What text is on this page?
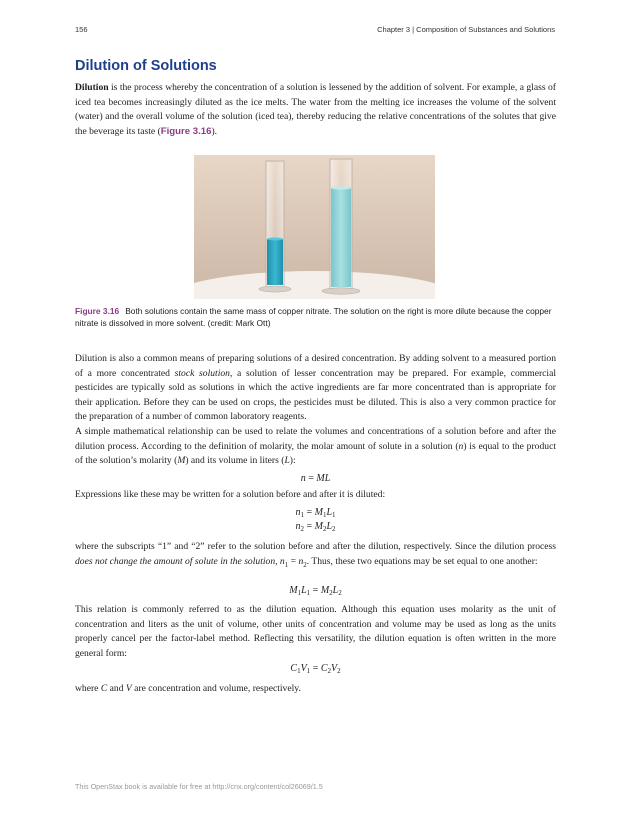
156	Chapter 3 | Composition of Substances and Solutions
Dilution of Solutions

Dilution is the process whereby the concentration of a solution is lessened by the addition of solvent. For example, a glass of iced tea becomes increasingly diluted as the ice melts. The water from the melting ice increases the volume of the solvent (water) and the overall volume of the solution (iced tea), thereby reducing the relative concentrations of the solutes that give the beverage its taste (Figure 3.16).

Figure 3.16 Both solutions contain the same mass of copper nitrate. The solution on the right is more dilute because the copper nitrate is dissolved in more solvent. (credit: Mark Ott)

Dilution is also a common means of preparing solutions of a desired concentration. By adding solvent to a measured portion of a more concentrated stock solution, a solution of lesser concentration may be prepared. For example, commercial pesticides are typically sold as solutions in which the active ingredients are far more concentrated than is appropriate for their application. Before they can be used on crops, the pesticides must be diluted. This is also a very common practice for the preparation of a number of common laboratory reagents.

A simple mathematical relationship can be used to relate the volumes and concentrations of a solution before and after the dilution process. According to the definition of molarity, the molar amount of solute in a solution (n) is equal to the product of the solution’s molarity (M) and its volume in liters (L):

n = ML

Expressions like these may be written for a solution before and after it is diluted:

$n_1 = M_1L_1$
$n_2 = M_2L_2$

where the subscripts “1” and “2” refer to the solution before and after the dilution, respectively. Since the dilution process does not change the amount of solute in the solution, $n_1 = n_2$. Thus, these two equations may be set equal to one another:

$M_1L_1 = M_2L_2$

This relation is commonly referred to as the dilution equation. Although this equation uses molarity as the unit of concentration and liters as the unit of volume, other units of concentration and volume may be used as long as the units properly cancel per the factor-label method. Reflecting this versatility, the dilution equation is often written in the more general form:

$C_1V_1 = C_2V_2$

where C and V are concentration and volume, respectively.

This OpenStax book is available for free at http://cnx.org/content/col26069/1.5
